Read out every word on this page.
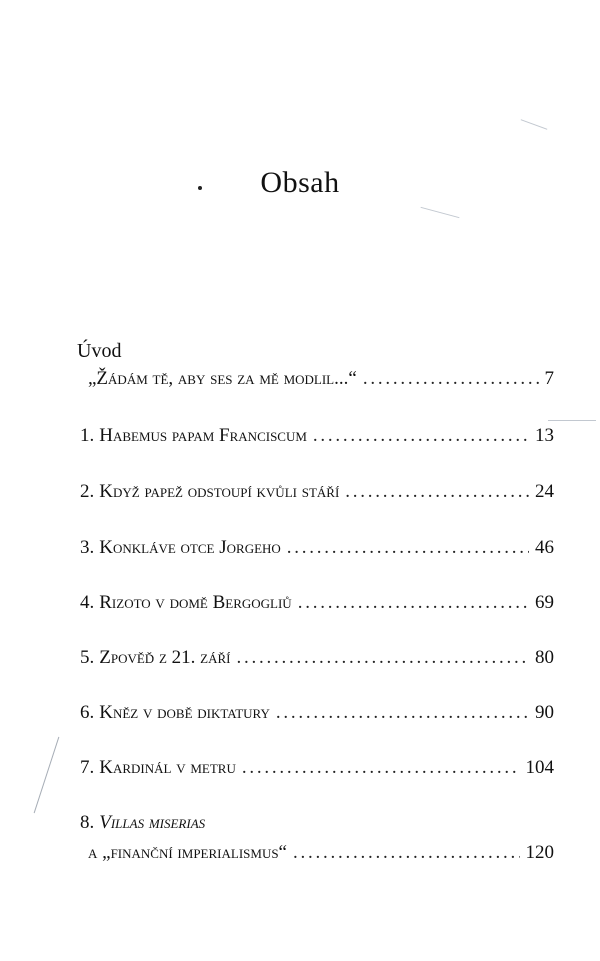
Obsah
Úvod
„Žádám tě, aby ses za mě modlil...“ . . .	7
1. Habemus papam Franciscum . . .	13
2. Když papež odstoupí kvůli stáří . . .	24
3. Konkláve otce Jorgeho . . .	46
4. Rizoto v domě Bergogliů . . .	69
5. Zpověď z 21. září . . .	80
6. Kněz v době diktatury . . .	90
7. Kardinál v metru . . .	104
8. Villas miserias
a „finanční imperialismus“ . . .	120
